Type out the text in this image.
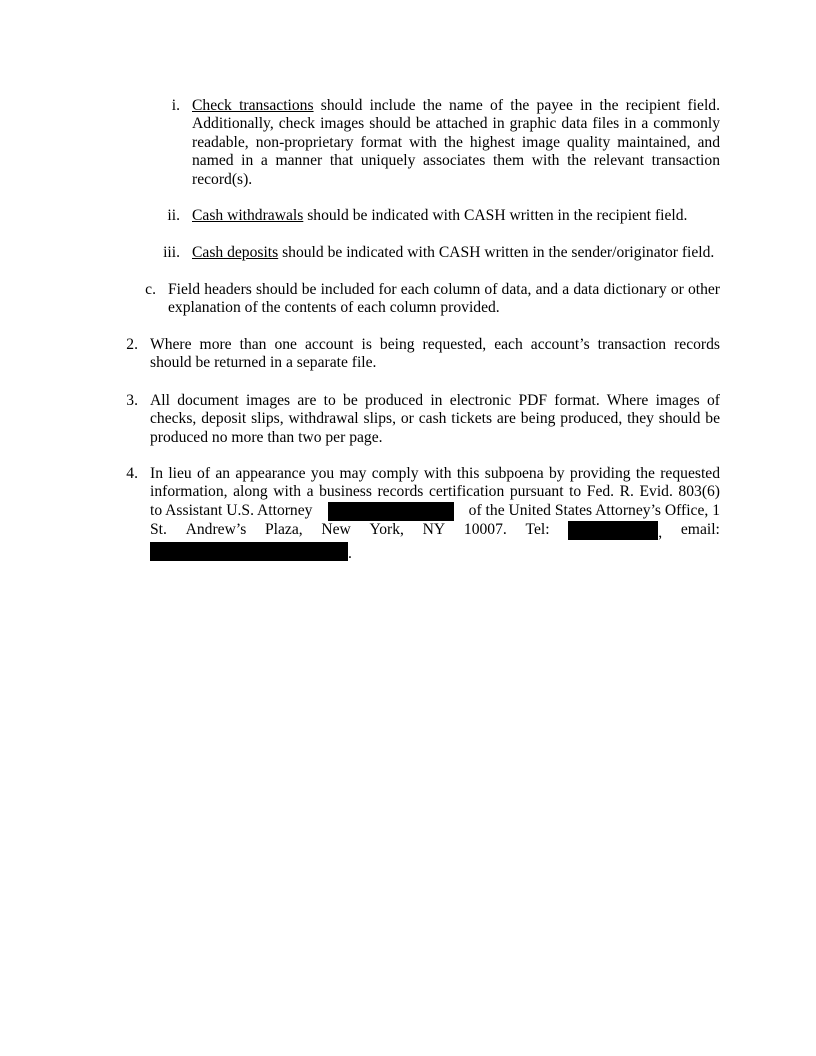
i. Check transactions should include the name of the payee in the recipient field. Additionally, check images should be attached in graphic data files in a commonly readable, non-proprietary format with the highest image quality maintained, and named in a manner that uniquely associates them with the relevant transaction record(s).
ii. Cash withdrawals should be indicated with CASH written in the recipient field.
iii. Cash deposits should be indicated with CASH written in the sender/originator field.
c. Field headers should be included for each column of data, and a data dictionary or other explanation of the contents of each column provided.
2. Where more than one account is being requested, each account’s transaction records should be returned in a separate file.
3. All document images are to be produced in electronic PDF format. Where images of checks, deposit slips, withdrawal slips, or cash tickets are being produced, they should be produced no more than two per page.
4. In lieu of an appearance you may comply with this subpoena by providing the requested information, along with a business records certification pursuant to Fed. R. Evid. 803(6)
to Assistant U.S. Attorney	of the United States Attorney’s Office, 1
St. Andrew’s Plaza, New York, NY 10007. Tel:	, email:
.
